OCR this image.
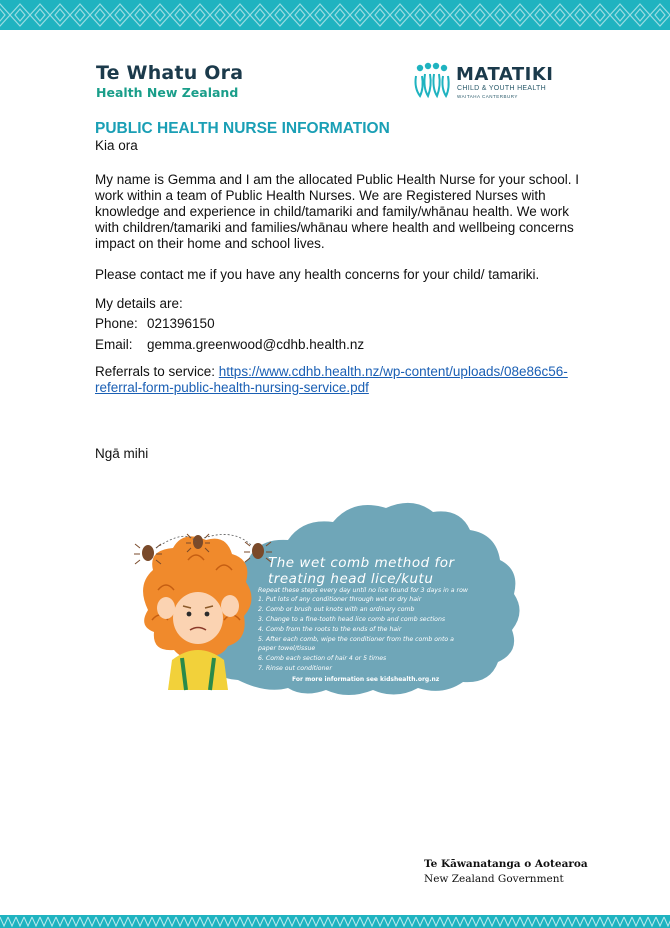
Te Whatu Ora
Health New Zealand
MATATIKI
CHILD & YOUTH HEALTH
WAITAHA CANTERBURY
PUBLIC HEALTH NURSE INFORMATION

Kia ora

My name is Gemma and I am the allocated Public Health Nurse for your school. I work within a team of Public Health Nurses. We are Registered Nurses with knowledge and experience in child/tamariki and family/whānau health. We work with children/tamariki and families/whānau where health and wellbeing concerns impact on their home and school lives.

Please contact me if you have any health concerns for your child/ tamariki.

My details are:

Phone: 021396150
Email: gemma.greenwood@cdhb.health.nz

Referrals to service: https://www.cdhb.health.nz/wp-content/uploads/08e86c56-referral-form-public-health-nursing-service.pdf

Ngā mihi

The wet comb method for
treating head lice/kutu
Repeat these steps every day until no lice found for 3 days in a row
1. Put lots of any conditioner through wet or dry hair
2. Comb or brush out knots with an ordinary comb
3. Change to a fine-tooth head lice comb and comb sections
4. Comb from the roots to the ends of the hair
5. After each comb, wipe the conditioner from the comb onto a
paper towel/tissue
6. Comb each section of hair 4 or 5 times
7. Rinse out conditioner
For more information see kidshealth.org.nz
Te Kāwanatanga o Aotearoa
New Zealand Government
